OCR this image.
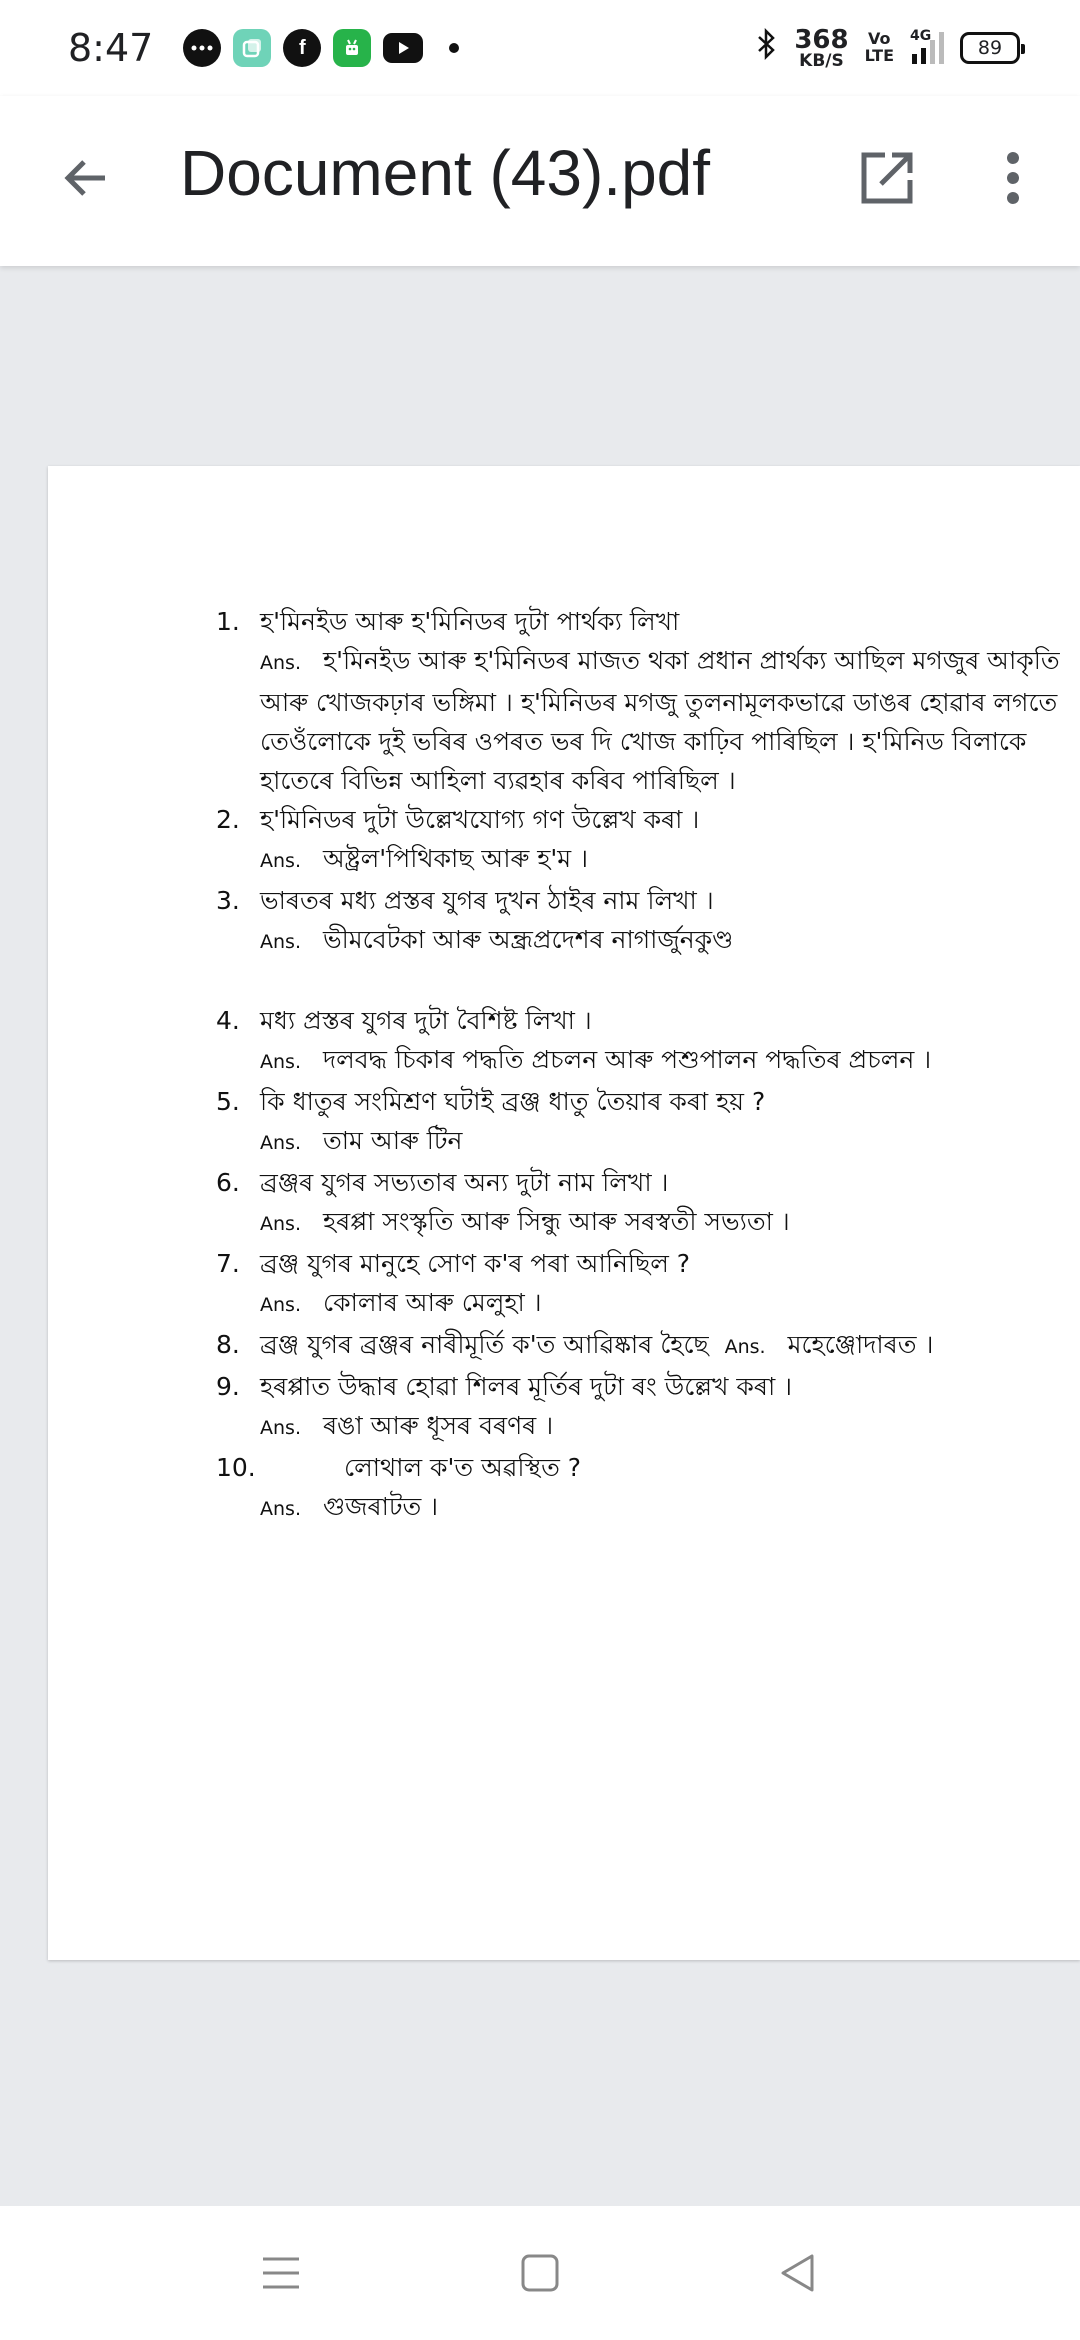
8:47	f	368
KB/S
Vo
LTE
4G
89
Document (43).pdf
1. হ'মিনইড আৰু হ'মিনিডৰ দুটা পাৰ্থক্য লিখা
Ans. হ'মিনইড আৰু হ'মিনিডৰ মাজত থকা প্ৰধান প্ৰাৰ্থক্য আছিল মগজুৰ আকৃতি আৰু খোজকঢ়াৰ ভঙ্গিমা । হ'মিনিডৰ মগজু তুলনামূলকভাৱে ডাঙৰ হোৱাৰ লগতে তেওঁলোকে দুই ভৰিৰ ওপৰত ভৰ দি খোজ কাঢ়িব পাৰিছিল । হ'মিনিড বিলাকে হাতেৰে বিভিন্ন আহিলা ব্যৱহাৰ কৰিব পাৰিছিল ।
2. হ'মিনিডৰ দুটা উল্লেখযোগ্য গণ উল্লেখ কৰা ।
Ans. অষ্ট্ৰল'পিথিকাছ আৰু হ'ম ।
3. ভাৰতৰ মধ্য প্ৰস্তৰ যুগৰ দুখন ঠাইৰ নাম লিখা ।
Ans. ভীমবেটকা আৰু অন্ধ্ৰপ্ৰদেশৰ নাগাৰ্জুনকুণ্ড
4. মধ্য প্ৰস্তৰ যুগৰ দুটা বৈশিষ্ট লিখা ।
Ans. দলবদ্ধ চিকাৰ পদ্ধতি প্ৰচলন আৰু পশুপালন পদ্ধতিৰ প্ৰচলন ।
5. কি ধাতুৰ সংমিশ্ৰণ ঘটাই ব্ৰঞ্জ ধাতু তৈয়াৰ কৰা হয় ?
Ans. তাম আৰু টিন
6. ব্ৰঞ্জৰ যুগৰ সভ্যতাৰ অন্য দুটা নাম লিখা ।
Ans. হৰপ্পা সংস্কৃতি আৰু সিন্ধু আৰু সৰস্বতী সভ্যতা ।
7. ব্ৰঞ্জ যুগৰ মানুহে সোণ ক'ৰ পৰা আনিছিল ?
Ans. কোলাৰ আৰু মেলুহা ।
8. ব্ৰঞ্জ যুগৰ ব্ৰঞ্জৰ নাৰীমূৰ্তি ক'ত আৱিষ্কাৰ হৈছে Ans. মহেঞ্জোদাৰত ।
9. হৰপ্পাত উদ্ধাৰ হোৱা শিলৰ মূৰ্তিৰ দুটা ৰং উল্লেখ কৰা ।
Ans. ৰঙা আৰু ধূসৰ বৰণৰ ।
10.	লোথাল ক'ত অৱস্থিত ?
Ans. গুজৰাটত ।
